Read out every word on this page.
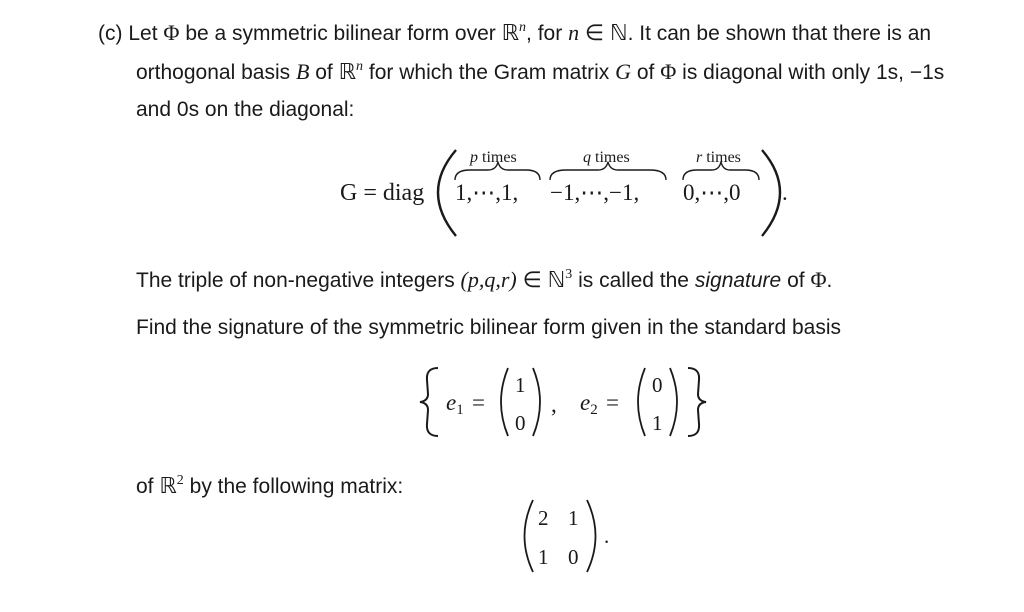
(c) Let Φ be a symmetric bilinear form over ℝ$^n$, for n ∈ ℕ. It can be shown that there is an
orthogonal basis B of ℝ$^n$ for which the Gram matrix G of Φ is diagonal with only 1s, −1s
and 0s on the diagonal:
G = diag 1,⋯,1,
p times
−1,⋯,−1,
q times
0,⋯,0
r times
.
e1 =
1
0
, e2 =
0
1
2 1
1 0
.
The triple of non-negative integers (p,q,r) ∈ ℕ$^3$ is called the signature of Φ.
Find the signature of the symmetric bilinear form given in the standard basis
of ℝ$^2$ by the following matrix:
